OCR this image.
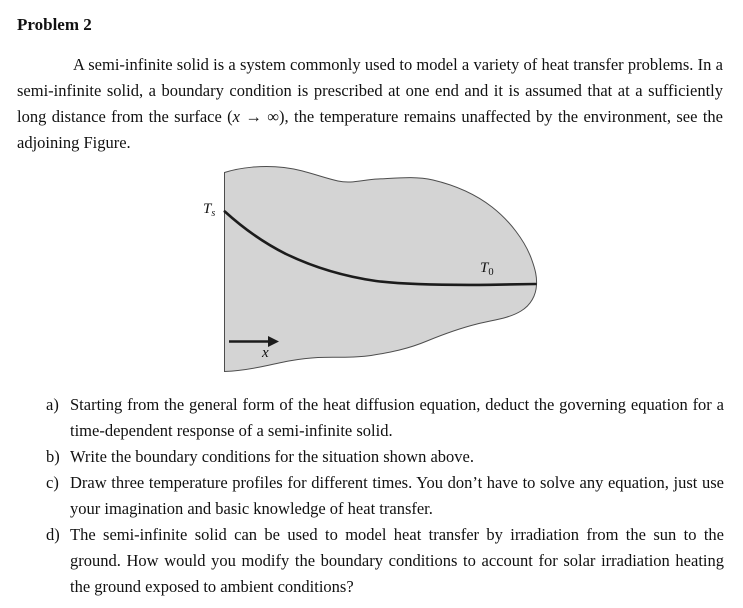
Problem 2

A semi-infinite solid is a system commonly used to model a variety of heat transfer problems. In a semi-infinite solid, a boundary condition is prescribed at one end and it is assumed that at a sufficiently long distance from the surface (x → ∞), the temperature remains unaffected by the environment, see the adjoining Figure.

Ts
T0
x
a) Starting from the general form of the heat diffusion equation, deduct the governing equation for a time-dependent response of a semi-infinite solid.
b) Write the boundary conditions for the situation shown above.
c) Draw three temperature profiles for different times. You don’t have to solve any equation, just use your imagination and basic knowledge of heat transfer.
d) The semi-infinite solid can be used to model heat transfer by irradiation from the sun to the ground. How would you modify the boundary conditions to account for solar irradiation heating the ground exposed to ambient conditions?
